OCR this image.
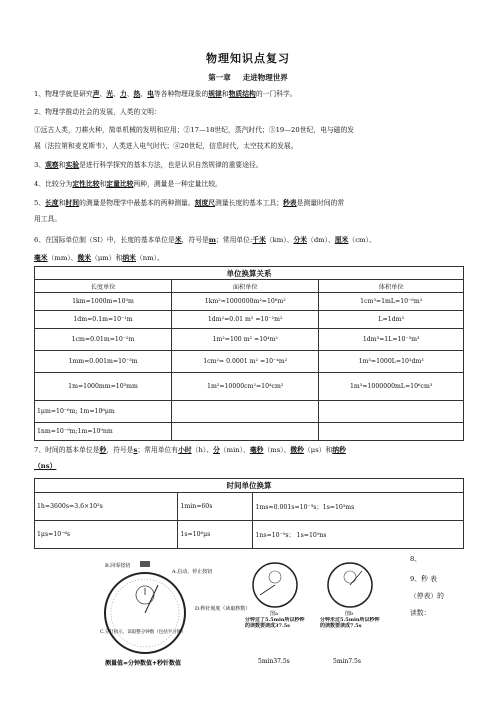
物理知识点复习
第一章 走进物理世界
1、物理学就是研究声、光、力、热、电等各种物理现象的规律和物质结构的一门科学。
2、物理学推动社会的发展，人类的文明：
①远古人类，刀耕火种，简单机械的发明和应用；②17—18世纪，蒸汽时代；③19—20世纪，电与磁的发
展（法拉第和麦克斯韦），人类进入电气时代；④20世纪，信息时代，太空技术的发展。
3、观察和实验是进行科学探究的基本方法，也是认识自然规律的重要途径。
4、比较分为定性比较和定量比较两种，测量是一种定量比较。
5、长度和时间的测量是物理学中最基本的两种测量。刻度尺测量长度的基本工具；秒表是测量时间的常
用工具。
6、在国际单位制（SI）中，长度的基本单位是米，符号是m；常用单位:千米（km）、分米（dm）、厘米（cm）、
毫米（mm）、微米（μm）和纳米（nm）。
单位换算关系		
长度单位	面积单位	体积单位
1km=1000m=10³m	1km²=1000000m²=10⁶m²	1cm³=1mL=10⁻⁶m³
1dm=0.1m=10⁻¹m	1dm²=0.01 m² =10⁻²m²	L=1dm³
1cm=0.01m=10⁻²m	1m²=100 m² =10⁴m²	1dm³=1L=10⁻³m³
1mm=0.001m=10⁻³m	1cm²= 0.0001 m² =10⁻⁴m²	1m³=1000L=10³dm³
1m=1000mm=10³mm	1m²=10000cm²=10⁴cm²	1m³=1000000mL=10⁶cm³
1μm=10⁻⁶m; 1m=10⁶μm		
1nm=10⁻⁹m;1m=10⁹nm		
7、时间的基本单位是秒，符号是s；常用单位有小时（h）、分（min）、毫秒（ms）、微秒（μs）和纳秒
（ns）
时间单位换算		
1h=3600s=3.6×10³s	1min=60s	1ms=0.001s=10⁻³s；1s=10³ms
1μs=10⁻⁶s	1s=10⁶μs	1ns=10⁻⁹s； 1s=10⁹ns
8、
9、秒 表
（停表）的
读数：
B.回零按钮
A.启动、停止按钮
D.秒针刻度（读取秒数）
C.分针指示，读取整分钟数（包括半分钟）
测量值=分钟数值+秒针数值
图a
分钟过了5.5min所以秒钟的读数要读成37.5s
5min37.5s
图b
分钟未过5.5min所以秒钟的读数要读成7.5s
5min7.5s
